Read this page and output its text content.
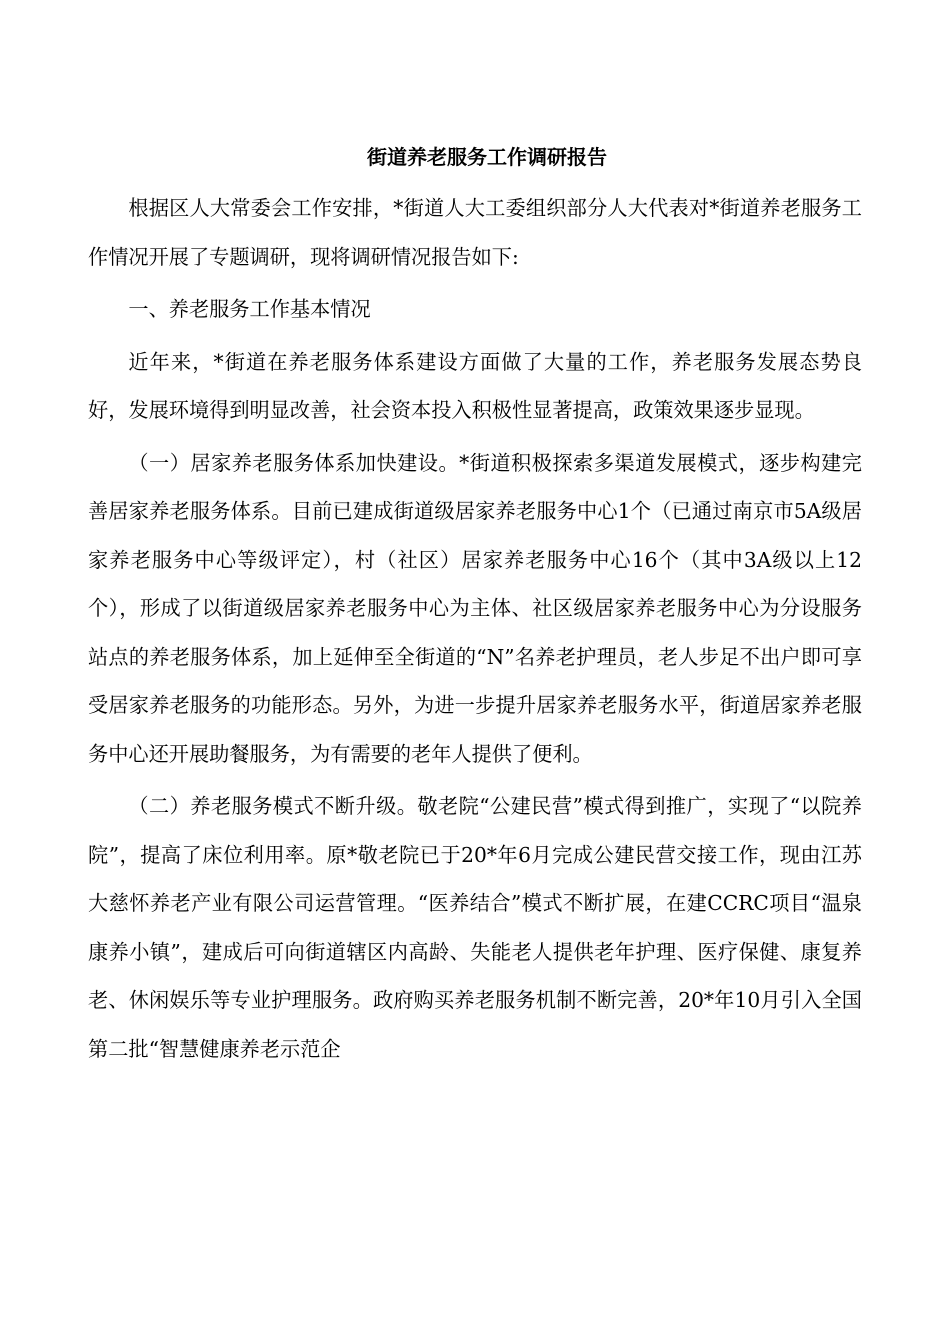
街道养老服务工作调研报告

根据区人大常委会工作安排，*街道人大工委组织部分人大代表对*街道养老服务工作情况开展了专题调研，现将调研情况报告如下:

一、养老服务工作基本情况

近年来，*街道在养老服务体系建设方面做了大量的工作，养老服务发展态势良好，发展环境得到明显改善，社会资本投入积极性显著提高，政策效果逐步显现。

（一）居家养老服务体系加快建设。*街道积极探索多渠道发展模式，逐步构建完善居家养老服务体系。目前已建成街道级居家养老服务中心1个（已通过南京市5A级居家养老服务中心等级评定），村（社区）居家养老服务中心16个（其中3A级以上12个），形成了以街道级居家养老服务中心为主体、社区级居家养老服务中心为分设服务站点的养老服务体系，加上延伸至全街道的“N”名养老护理员，老人步足不出户即可享受居家养老服务的功能形态。另外，为进一步提升居家养老服务水平，街道居家养老服务中心还开展助餐服务，为有需要的老年人提供了便利。

（二）养老服务模式不断升级。敬老院“公建民营”模式得到推广，实现了“以院养院”，提高了床位利用率。原*敬老院已于20*年6月完成公建民营交接工作，现由江苏大慈怀养老产业有限公司运营管理。“医养结合”模式不断扩展，在建CCRC项目“温泉康养小镇”，建成后可向街道辖区内高龄、失能老人提供老年护理、医疗保健、康复养老、休闲娱乐等专业护理服务。政府购买养老服务机制不断完善，20*年10月引入全国第二批“智慧健康养老示范企
